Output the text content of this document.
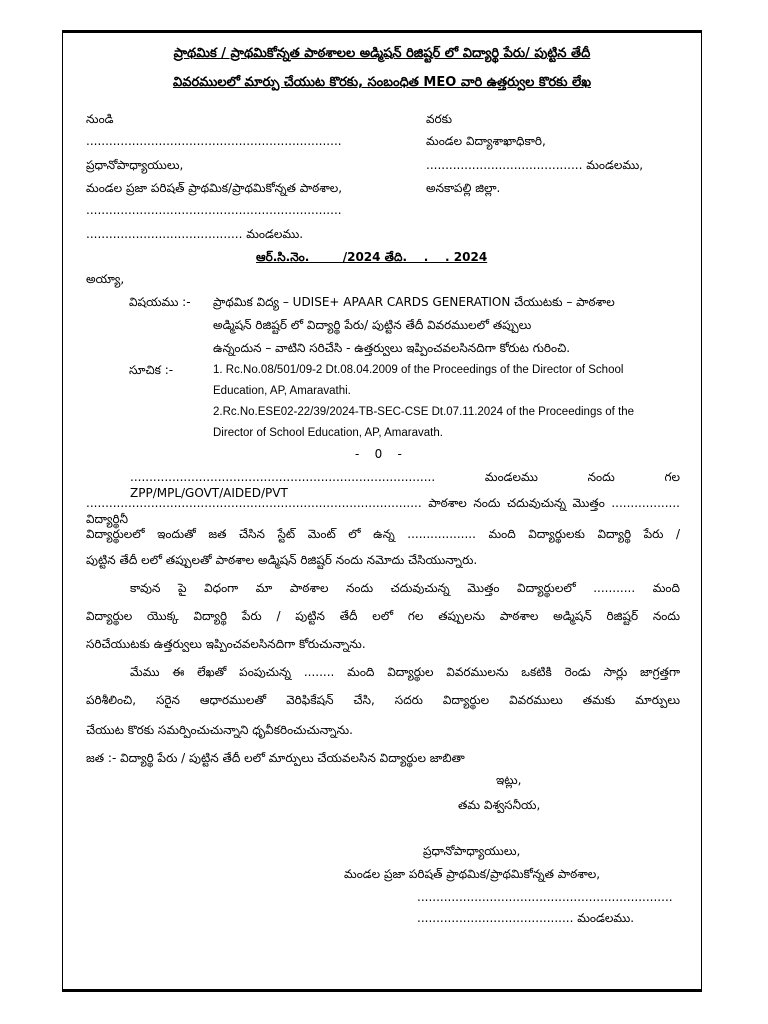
ప్రాథమిక / ప్రాథమికోన్నత పాఠశాలల అడ్మిషన్ రిజిష్టర్ లో విద్యార్థి పేరు/ పుట్టిన తేదీ
వివరములలో మార్పు చేయుట కొరకు, సంబంధిత MEO వారి ఉత్తర్వుల కొరకు లేఖ
నుండి
...................................................................
ప్రధానోపాధ్యాయులు,
మండల ప్రజా పరిషత్ ప్రాథమిక/ప్రాథమికోన్నత పాఠశాల,
...................................................................
......................................... మండలము.
వరకు
మండల విద్యాశాఖాధికారి,
......................................... మండలము,
అనకాపల్లి జిల్లా.
ఆర్.సి.నెం.        /2024 తేది.    .    . 2024
అయ్యా,
విషయము :- ప్రాథమిక విద్య – UDISE+ APAAR CARDS GENERATION చేయుటకు – పాఠశాల
అడ్మిషన్ రిజిష్టర్ లో విద్యార్థి పేరు/ పుట్టిన తేదీ వివరములలో తప్పులు
ఉన్నందున – వాటిని సరిచేసి - ఉత్తర్వులు ఇప్పించవలసినదిగా కోరుట గురించి.
సూచిక :-	1. Rc.No.08/501/09-2 Dt.08.04.2009 of the Proceedings of the Director of School
Education, AP, Amaravathi.
2.Rc.No.ESE02-22/39/2024-TB-SEC-CSE Dt.07.11.2024 of the Proceedings of the
Director of School Education, AP, Amaravath.
-    0    -
................................................................................ మండలము నందు గల ZPP/MPL/GOVT/AIDED/PVT
........................................................................................ పాఠశాల నందు చదువుచున్న మొత్తం .................. విద్యార్థినీ
విద్యార్థులలో ఇందుతో జత చేసిన స్టేట్ మెంట్ లో ఉన్న .................. మంది విద్యార్థులకు విద్యార్థి పేరు /
పుట్టిన తేదీ లలో తప్పులతో పాఠశాల అడ్మిషన్ రిజిష్టర్ నందు నమోదు చేసియున్నారు.
కావున పై విధంగా మా పాఠశాల నందు చదువుచున్న మొత్తం విద్యార్థులలో ........... మంది
విద్యార్థుల యొక్క విద్యార్థి పేరు / పుట్టిన తేదీ లలో గల తప్పులను పాఠశాల అడ్మిషన్ రిజిష్టర్ నందు
సరిచేయుటకు ఉత్తర్వులు ఇప్పించవలసినదిగా కోరుచున్నాను.
మేము ఈ లేఖతో పంపుచున్న ........ మంది విద్యార్థుల వివరములను ఒకటికి రెండు సార్లు జాగ్రత్తగా
పరిశీలించి, సరైన ఆధారములతో వెరిఫికేషన్ చేసి, సదరు విద్యార్థుల వివరములు తమకు మార్పులు
చేయుట కొరకు సమర్పించుచున్నాని ధృవీకరించుచున్నాను.
జత :- విద్యార్థి పేరు / పుట్టిన తేదీ లలో మార్పులు చేయవలసిన విద్యార్థుల జాబితా
ఇట్లు,
తమ విశ్వసనీయ,
ప్రధానోపాధ్యాయులు,
మండల ప్రజా పరిషత్ ప్రాథమిక/ప్రాథమికోన్నత పాఠశాల,
...................................................................
......................................... మండలము.
